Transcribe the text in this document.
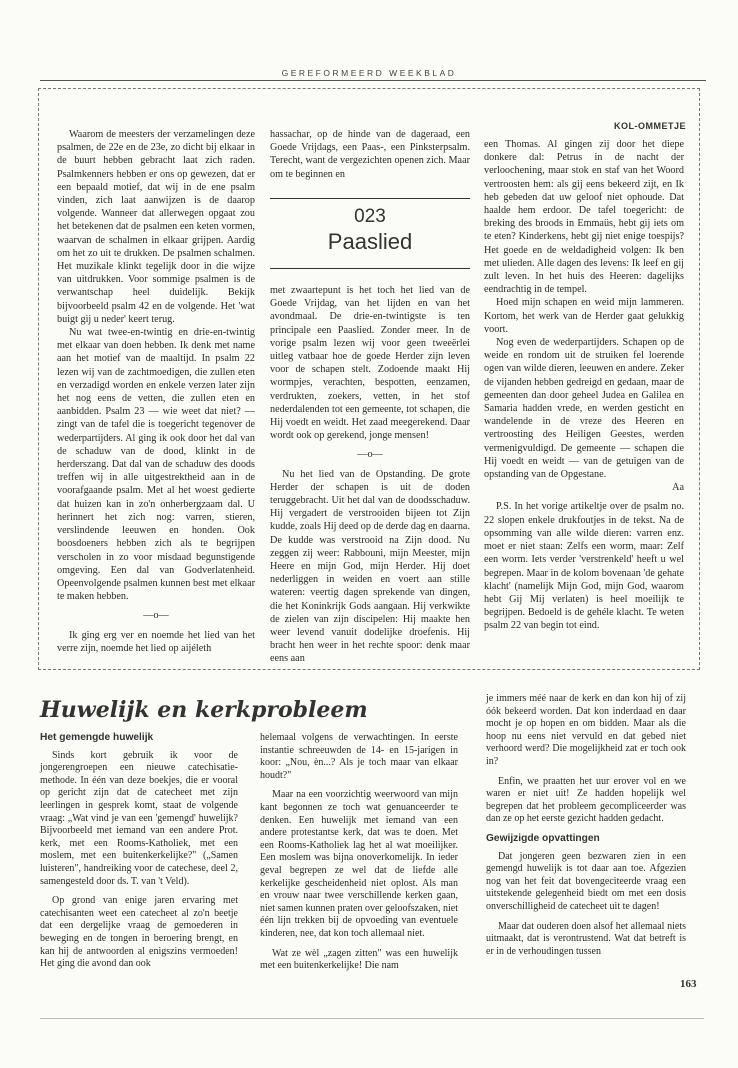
GEREFORMEERD WEEKBLAD
KOL-OMMETJE

Waarom de meesters der verzamelingen deze psalmen, de 22e en de 23e, zo dicht bij elkaar in de buurt hebben gebracht laat zich raden. Psalmkenners hebben er ons op gewezen, dat er een bepaald motief, dat wij in de ene psalm vinden, zich laat aanwijzen is de daarop volgende. Wanneer dat allerwegen opgaat zou het betekenen dat de psalmen een keten vormen, waarvan de schalmen in elkaar grijpen. Aardig om het zo uit te drukken. De psalmen schalmen. Het muzikale klinkt tegelijk door in die wijze van uitdrukken. Voor sommige psalmen is de verwantschap heel duidelijk. Bekijk bijvoorbeeld psalm 42 en de volgende. Het 'wat buigt gij u neder' keert terug.

Nu wat twee-en-twintig en drie-en-twintig met elkaar van doen hebben. Ik denk met name aan het motief van de maaltijd. In psalm 22 lezen wij van de zachtmoedigen, die zullen eten en verzadigd worden en enkele verzen later zijn het nog eens de vetten, die zullen eten en aanbidden. Psalm 23 — wie weet dat niet? — zingt van de tafel die is toegericht tegenover de wederpartijders. Al ging ik ook door het dal van de schaduw van de dood, klinkt in de herderszang. Dat dal van de schaduw des doods treffen wij in alle uitgestrektheid aan in de voorafgaande psalm. Met al het woest gedierte dat huizen kan in zo'n onherbergzaam dal. U herinnert het zich nog: varren, stieren, verslindende leeuwen en honden. Ook boosdoeners hebben zich als te begrijpen verscholen in zo voor misdaad begunstigende omgeving. Een dal van Godverlatenheid. Opeenvolgende psalmen kunnen best met elkaar te maken hebben.

—o—

Ik ging erg ver en noemde het lied van het verre zijn, noemde het lied op aijéleth

hassachar, op de hinde van de dageraad, een Goede Vrijdags, een Paas-, een Pinksterpsalm. Terecht, want de vergezichten openen zich. Maar om te beginnen en

023
Paaslied

met zwaartepunt is het toch het lied van de Goede Vrijdag, van het lijden en van het avondmaal. De drie-en-twintigste is ten principale een Paaslied. Zonder meer. In de vorige psalm lezen wij voor geen tweeërlei uitleg vatbaar hoe de goede Herder zijn leven voor de schapen stelt. Zodoende maakt Hij wormpjes, verachten, bespotten, eenzamen, verdrukten, zoekers, vetten, in het stof nederdalenden tot een gemeente, tot schapen, die Hij voedt en weidt. Het zaad meegerekend. Daar wordt ook op gerekend, jonge mensen!

—o—

Nu het lied van de Opstanding. De grote Herder der schapen is uit de doden teruggebracht. Uit het dal van de doodsschaduw. Hij vergadert de verstrooiden bijeen tot Zijn kudde, zoals Hij deed op de derde dag en daarna. De kudde was verstrooid na Zijn dood. Nu zeggen zij weer: Rabbouni, mijn Meester, mijn Heere en mijn God, mijn Herder. Hij doet nederliggen in weiden en voert aan stille wateren: veertig dagen sprekende van dingen, die het Koninkrijk Gods aangaan. Hij verkwikte de zielen van zijn discipelen: Hij maakte hen weer levend vanuit dodelijke droefenis. Hij bracht hen weer in het rechte spoor: denk maar eens aan

een Thomas. Al gingen zij door het diepe donkere dal: Petrus in de nacht der verloochening, maar stok en staf van het Woord vertroosten hem: als gij eens bekeerd zijt, en Ik heb gebeden dat uw geloof niet ophoude. Dat haalde hem erdoor. De tafel toegericht: de breking des broods in Emmaüs, hebt gij iets om te eten? Kinderkens, hebt gij niet enige toespijs? Het goede en de weldadigheid volgen: Ik ben met ulieden. Alle dagen des levens: Ik leef en gij zult leven. In het huis des Heeren: dagelijks eendrachtig in de tempel.

Hoed mijn schapen en weid mijn lammeren. Kortom, het werk van de Herder gaat gelukkig voort.

Nog even de wederpartijders. Schapen op de weide en rondom uit de struiken fel loerende ogen van wilde dieren, leeuwen en andere. Zeker de vijanden hebben gedreigd en gedaan, maar de gemeenten dan door geheel Judea en Galilea en Samaria hadden vrede, en werden gesticht en wandelende in de vreze des Heeren en vertroosting des Heiligen Geestes, werden vermenigvuldigd. De gemeente — schapen die Hij voedt en weidt — van de getuigen van de opstanding van de Opgestane.

Aa

P.S. In het vorige artikeltje over de psalm no. 22 slopen enkele drukfoutjes in de tekst. Na de opsomming van alle wilde dieren: varren enz. moet er niet staan: Zelfs een worm, maar: Zelf een worm. Iets verder 'verstrenkeld' heeft u wel begrepen. Maar in de kolom bovenaan 'de gehate klacht' (namelijk Mijn God, mijn God, waarom hebt Gij Mij verlaten) is heel moeilijk te begrijpen. Bedoeld is de gehéle klacht. Te weten psalm 22 van begin tot eind.

Huwelijk en kerkprobleem
Het gemengde huwelijk

Sinds kort gebruik ik voor de jongerengroepen een nieuwe catechisatie-methode. In één van deze boekjes, die er vooral op gericht zijn dat de catecheet met zijn leerlingen in gesprek komt, staat de volgende vraag: „Wat vind je van een 'gemengd' huwelijk? Bijvoorbeeld met iemand van een andere Prot. kerk, met een Rooms-Katholiek, met een moslem, met een buitenkerkelijke?" („Samen luisteren", handreiking voor de catechese, deel 2, samengesteld door ds. T. van 't Veld).

Op grond van enige jaren ervaring met catechisanten weet een catecheet al zo'n beetje dat een dergelijke vraag de gemoederen in beweging en de tongen in beroering brengt, en kan hij de antwoorden al enigszins vermoeden! Het ging die avond dan ook

helemaal volgens de verwachtingen. In eerste instantie schreeuwden de 14- en 15-jarigen in koor: „Nou, èn...? Als je toch maar van elkaar houdt?"

Maar na een voorzichtig weerwoord van mijn kant begonnen ze toch wat genuanceerder te denken. Een huwelijk met iemand van een andere protestantse kerk, dat was te doen. Met een Rooms-Katholiek lag het al wat moeilijker. Een moslem was bijna onoverkomelijk. In ieder geval begrepen ze wel dat de liefde alle kerkelijke gescheidenheid niet oplost. Als man en vrouw naar twee verschillende kerken gaan, niet samen kunnen praten over geloofszaken, niet één lijn trekken bij de opvoeding van eventuele kinderen, nee, dat kon toch allemaal niet.

Wat ze wèl „zagen zitten" was een huwelijk met een buitenkerkelijke! Die nam

je immers méé naar de kerk en dan kon hij of zij óók bekeerd worden. Dat kon inderdaad en daar mocht je op hopen en om bidden. Maar als die hoop nu eens niet vervuld en dat gebed niet verhoord werd? Die mogelijkheid zat er toch ook in?

Enfin, we praatten het uur erover vol en we waren er niet uit! Ze hadden hopelijk wel begrepen dat het probleem gecompliceerder was dan ze op het eerste gezicht hadden gedacht.

Gewijzigde opvattingen

Dat jongeren geen bezwaren zien in een gemengd huwelijk is tot daar aan toe. Afgezien nog van het feit dat bovengeciteerde vraag een uitstekende gelegenheid biedt om met een dosis onverschilligheid de catecheet uit te dagen!

Maar dat ouderen doen alsof het allemaal niets uitmaakt, dat is verontrustend. Wat dat betreft is er in de verhoudingen tussen

163
